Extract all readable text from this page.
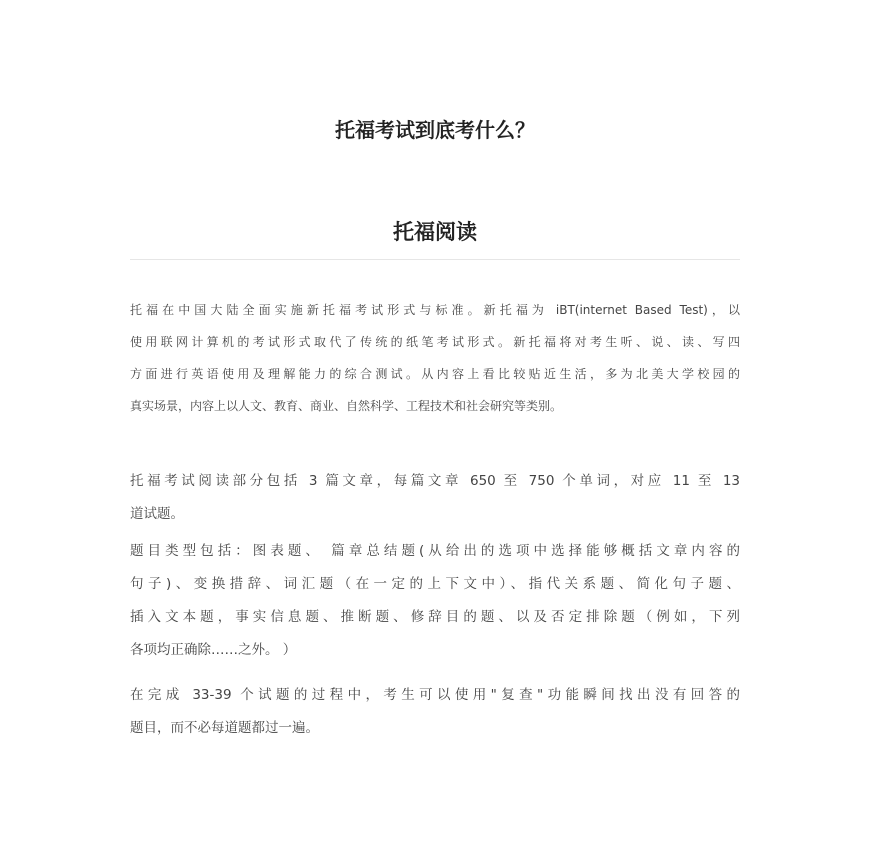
托福考试到底考什么？
托福阅读
托福在中国大陆全面实施新托福考试形式与标准。新托福为 iBT(internet Based Test)，以
使用联网计算机的考试形式取代了传统的纸笔考试形式。新托福将对考生听、说、读、写四
方面进行英语使用及理解能力的综合测试。从内容上看比较贴近生活，多为北美大学校园的
真实场景，内容上以人文、教育、商业、自然科学、工程技术和社会研究等类别。
托福考试阅读部分包括 3 篇文章，每篇文章 650 至 750 个单词，对应 11 至 13
道试题。
题目类型包括：图表题、 篇章总结题(从给出的选项中选择能够概括文章内容的
句子)、变换措辞、词汇题（在一定的上下文中）、指代关系题、简化句子题、
插入文本题，事实信息题、推断题、修辞目的题、以及否定排除题（例如，下列
各项均正确除……之外。 ）
在完成 33-39 个试题的过程中，考生可以使用"复查"功能瞬间找出没有回答的
题目，而不必每道题都过一遍。
